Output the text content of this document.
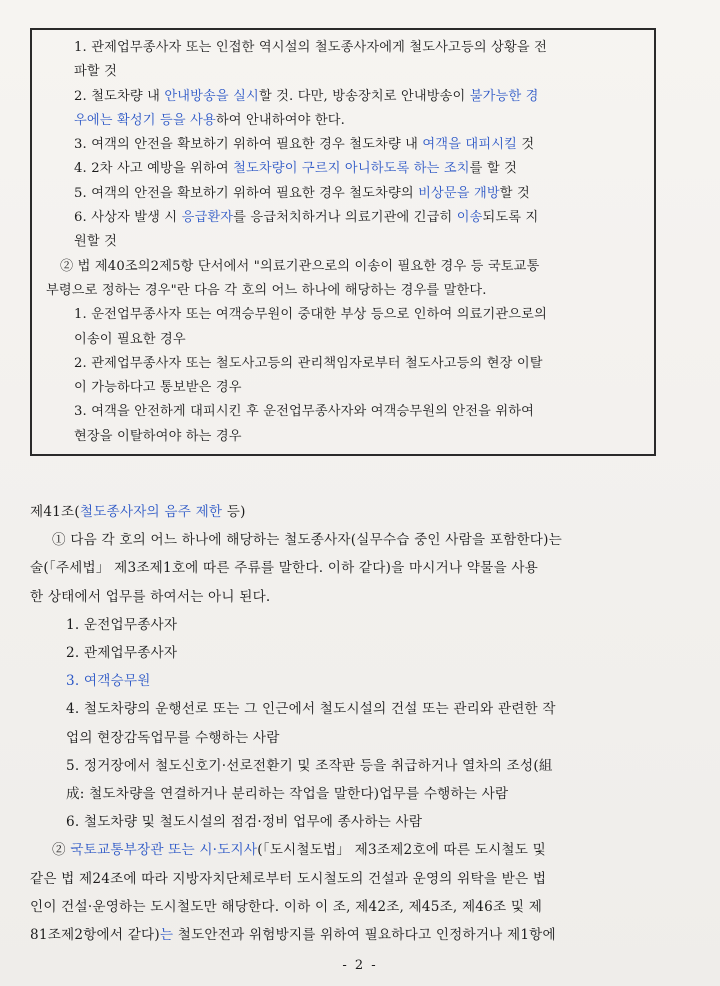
1. 관제업무종사자 또는 인접한 역시설의 철도종사자에게 철도사고등의 상황을 전
파할 것
2. 철도차량 내 안내방송을 실시할 것. 다만, 방송장치로 안내방송이 불가능한 경
우에는 확성기 등을 사용하여 안내하여야 한다.
3. 여객의 안전을 확보하기 위하여 필요한 경우 철도차량 내 여객을 대피시킬 것
4. 2차 사고 예방을 위하여 철도차량이 구르지 아니하도록 하는 조치를 할 것
5. 여객의 안전을 확보하기 위하여 필요한 경우 철도차량의 비상문을 개방할 것
6. 사상자 발생 시 응급환자를 응급처치하거나 의료기관에 긴급히 이송되도록 지
원할 것
② 법 제40조의2제5항 단서에서 "의료기관으로의 이송이 필요한 경우 등 국토교통
부령으로 정하는 경우"란 다음 각 호의 어느 하나에 해당하는 경우를 말한다.
1. 운전업무종사자 또는 여객승무원이 중대한 부상 등으로 인하여 의료기관으로의
이송이 필요한 경우
2. 관제업무종사자 또는 철도사고등의 관리책임자로부터 철도사고등의 현장 이탈
이 가능하다고 통보받은 경우
3. 여객을 안전하게 대피시킨 후 운전업무종사자와 여객승무원의 안전을 위하여
현장을 이탈하여야 하는 경우
제41조(철도종사자의 음주 제한 등)
① 다음 각 호의 어느 하나에 해당하는 철도종사자(실무수습 중인 사람을 포함한다)는
술(「주세법」 제3조제1호에 따른 주류를 말한다. 이하 같다)을 마시거나 약물을 사용
한 상태에서 업무를 하여서는 아니 된다.
1. 운전업무종사자
2. 관제업무종사자
3. 여객승무원
4. 철도차량의 운행선로 또는 그 인근에서 철도시설의 건설 또는 관리와 관련한 작
업의 현장감독업무를 수행하는 사람
5. 정거장에서 철도신호기·선로전환기 및 조작판 등을 취급하거나 열차의 조성(組
成: 철도차량을 연결하거나 분리하는 작업을 말한다)업무를 수행하는 사람
6. 철도차량 및 철도시설의 점검·정비 업무에 종사하는 사람
② 국토교통부장관 또는 시·도지사(「도시철도법」 제3조제2호에 따른 도시철도 및
같은 법 제24조에 따라 지방자치단체로부터 도시철도의 건설과 운영의 위탁을 받은 법
인이 건설·운영하는 도시철도만 해당한다. 이하 이 조, 제42조, 제45조, 제46조 및 제
81조제2항에서 같다)는 철도안전과 위험방지를 위하여 필요하다고 인정하거나 제1항에
- 2 -
